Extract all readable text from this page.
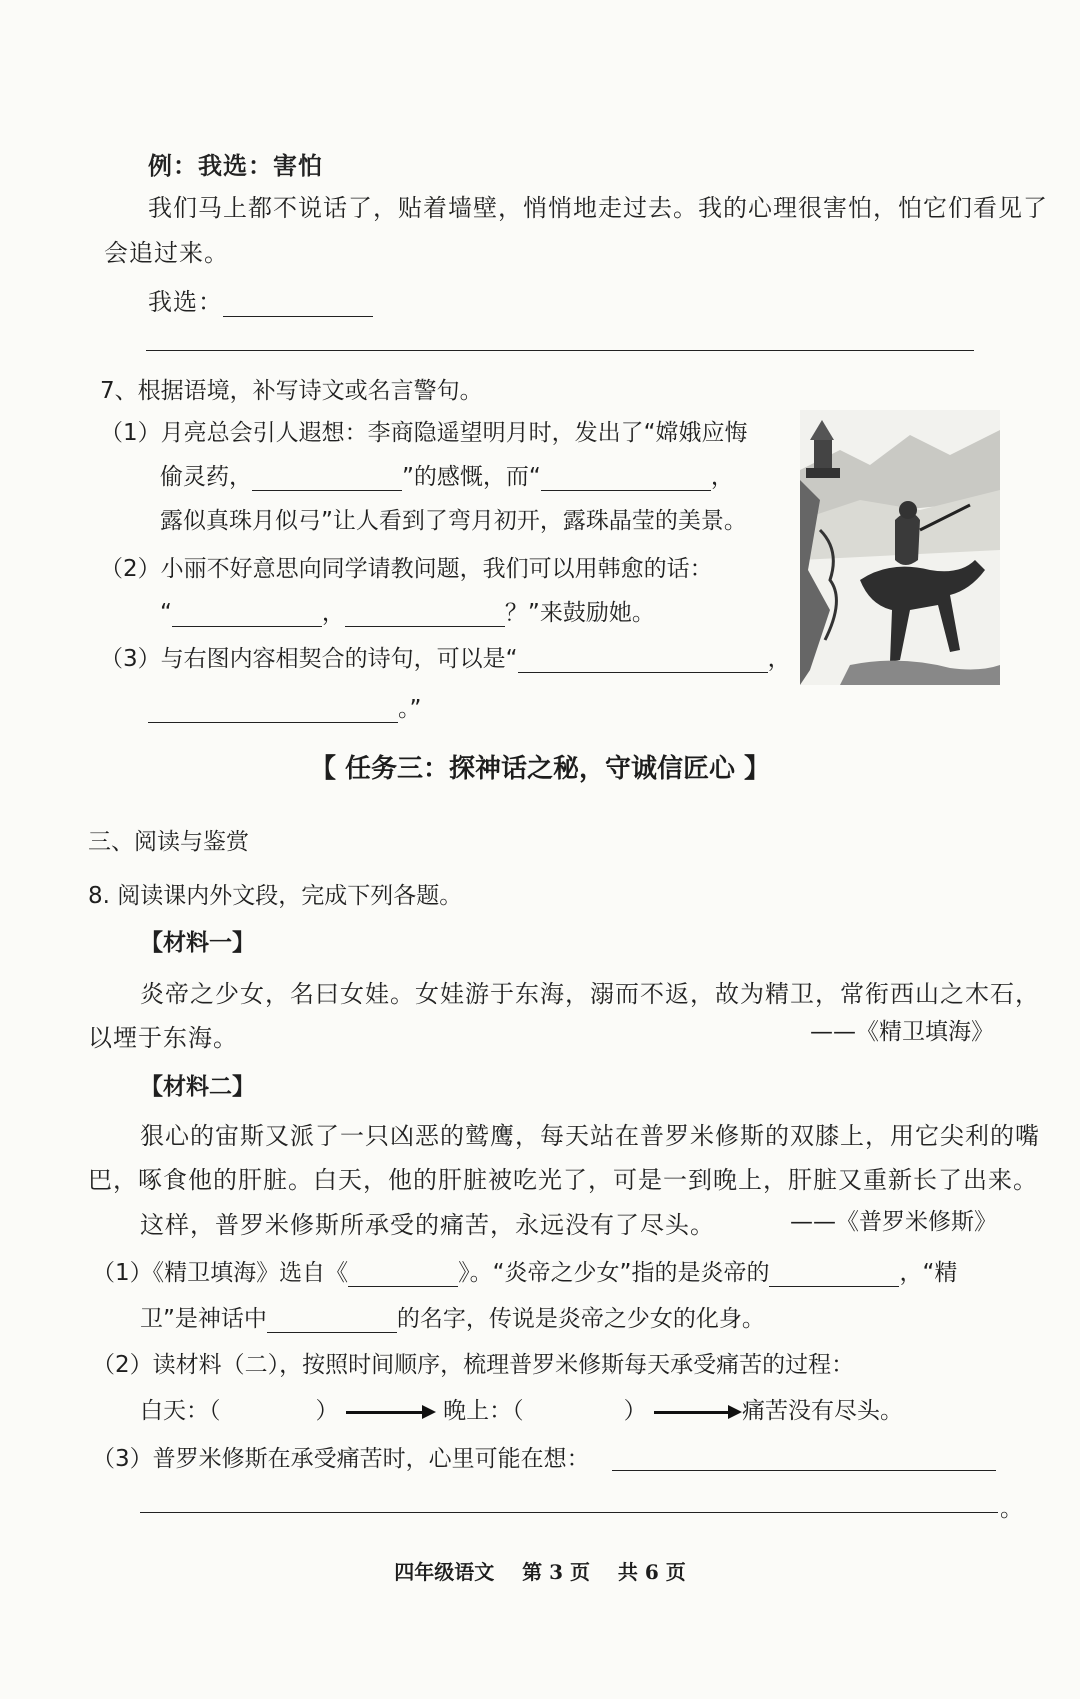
例：我选：害怕
我们马上都不说话了，贴着墙壁，悄悄地走过去。我的心理很害怕，怕它们看见了
会追过来。
我选：
7、根据语境，补写诗文或名言警句。
（1）月亮总会引人遐想：李商隐遥望明月时，发出了“嫦娥应悔
偷灵药，	”的感慨，而“	，
露似真珠月似弓”让人看到了弯月初开，露珠晶莹的美景。
（2）小丽不好意思向同学请教问题，我们可以用韩愈的话：
“	，	？”来鼓励她。
（3）与右图内容相契合的诗句，可以是“	，
。”
【 任务三：探神话之秘，守诚信匠心 】
三、阅读与鉴赏
8. 阅读课内外文段，完成下列各题。
【材料一】
炎帝之少女，名曰女娃。女娃游于东海，溺而不返，故为精卫，常衔西山之木石，
以堙于东海。	——《精卫填海》
【材料二】
狠心的宙斯又派了一只凶恶的鹫鹰，每天站在普罗米修斯的双膝上，用它尖利的嘴
巴，啄食他的肝脏。白天，他的肝脏被吃光了，可是一到晚上，肝脏又重新长了出来。
这样，普罗米修斯所承受的痛苦，永远没有了尽头。	——《普罗米修斯》
（1）《精卫填海》选自《	》。“炎帝之少女”指的是炎帝的	，“精
卫”是神话中	的名字，传说是炎帝之少女的化身。
（2）读材料（二），按照时间顺序，梳理普罗米修斯每天承受痛苦的过程：
白天：（	）	晚上：（	）	痛苦没有尽头。
（3）普罗米修斯在承受痛苦时，心里可能在想：
。
四年级语文 第 3 页 共 6 页
